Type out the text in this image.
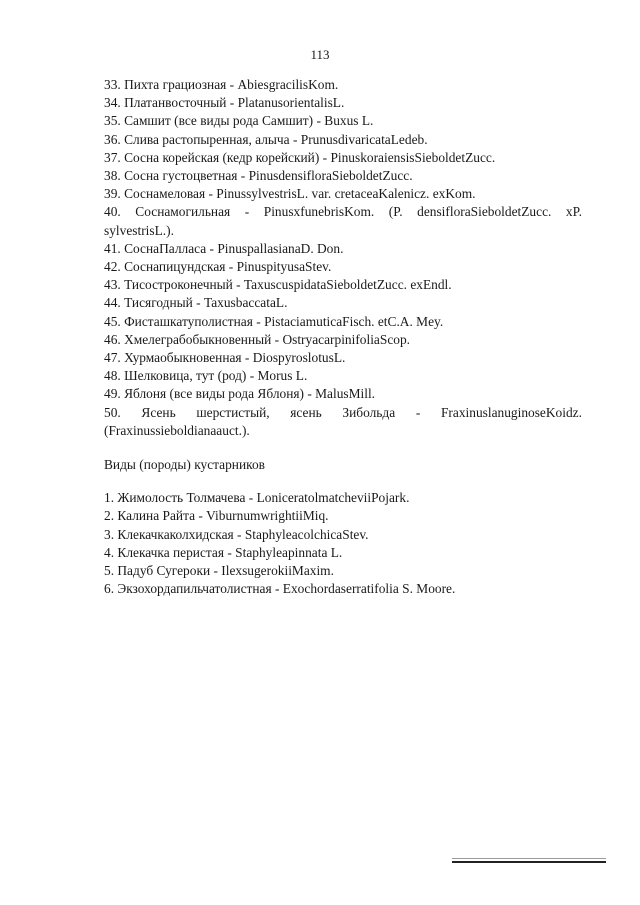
113

33. Пихта грациозная - AbiesgracilisKom.

34. Платанвосточный - PlatanusorientalisL.

35. Самшит (все виды рода Самшит) - Buxus L.

36. Слива растопыренная, алыча - PrunusdivaricataLedeb.

37. Сосна корейская (кедр корейский) - PinuskoraiensisSieboldetZucc.

38. Сосна густоцветная - PinusdensifloraSieboldetZucc.

39. Соснамеловая - PinussylvestrisL. var. cretaceaKalenicz. exKom.

40. Соснамогильная - PinusxfunebrisKom. (P. densifloraSieboldetZucc. xP.

sylvestrisL.).

41. СоснаПалласа - PinuspallasianaD. Don.

42. Соснапицундская - PinuspityusaStev.

43. Тисостроконечный - TaxuscuspidataSieboldetZucc. exEndl.

44. Тисягодный - TaxusbaccataL.

45. Фисташкатуполистная - PistaciamuticaFisch. etC.A. Mey.

46. Хмелеграбобыкновенный - OstryacarpinifoliaScop.

47. Хурмаобыкновенная - DiospyroslotusL.

48. Шелковица, тут (род) - Morus L.

49. Яблоня (все виды рода Яблоня) - MalusMill.

50. Ясень шерстистый, ясень Зибольда - FraxinuslanuginoseKoidz.

(Fraxinussieboldianaauct.).

Виды (породы) кустарников

1. Жимолость Толмачева - LoniceratolmatcheviiPojark.

2. Калина Райта - ViburnumwrightiiMiq.

3. Клекачкаколхидская - StaphyleacolchicaStev.

4. Клекачка перистая - Staphyleapinnata L.

5. Падуб Сугероки - IlexsugerokiiMaxim.

6. Экзохордапильчатолистная - Exochordaserratifolia S. Moore.
